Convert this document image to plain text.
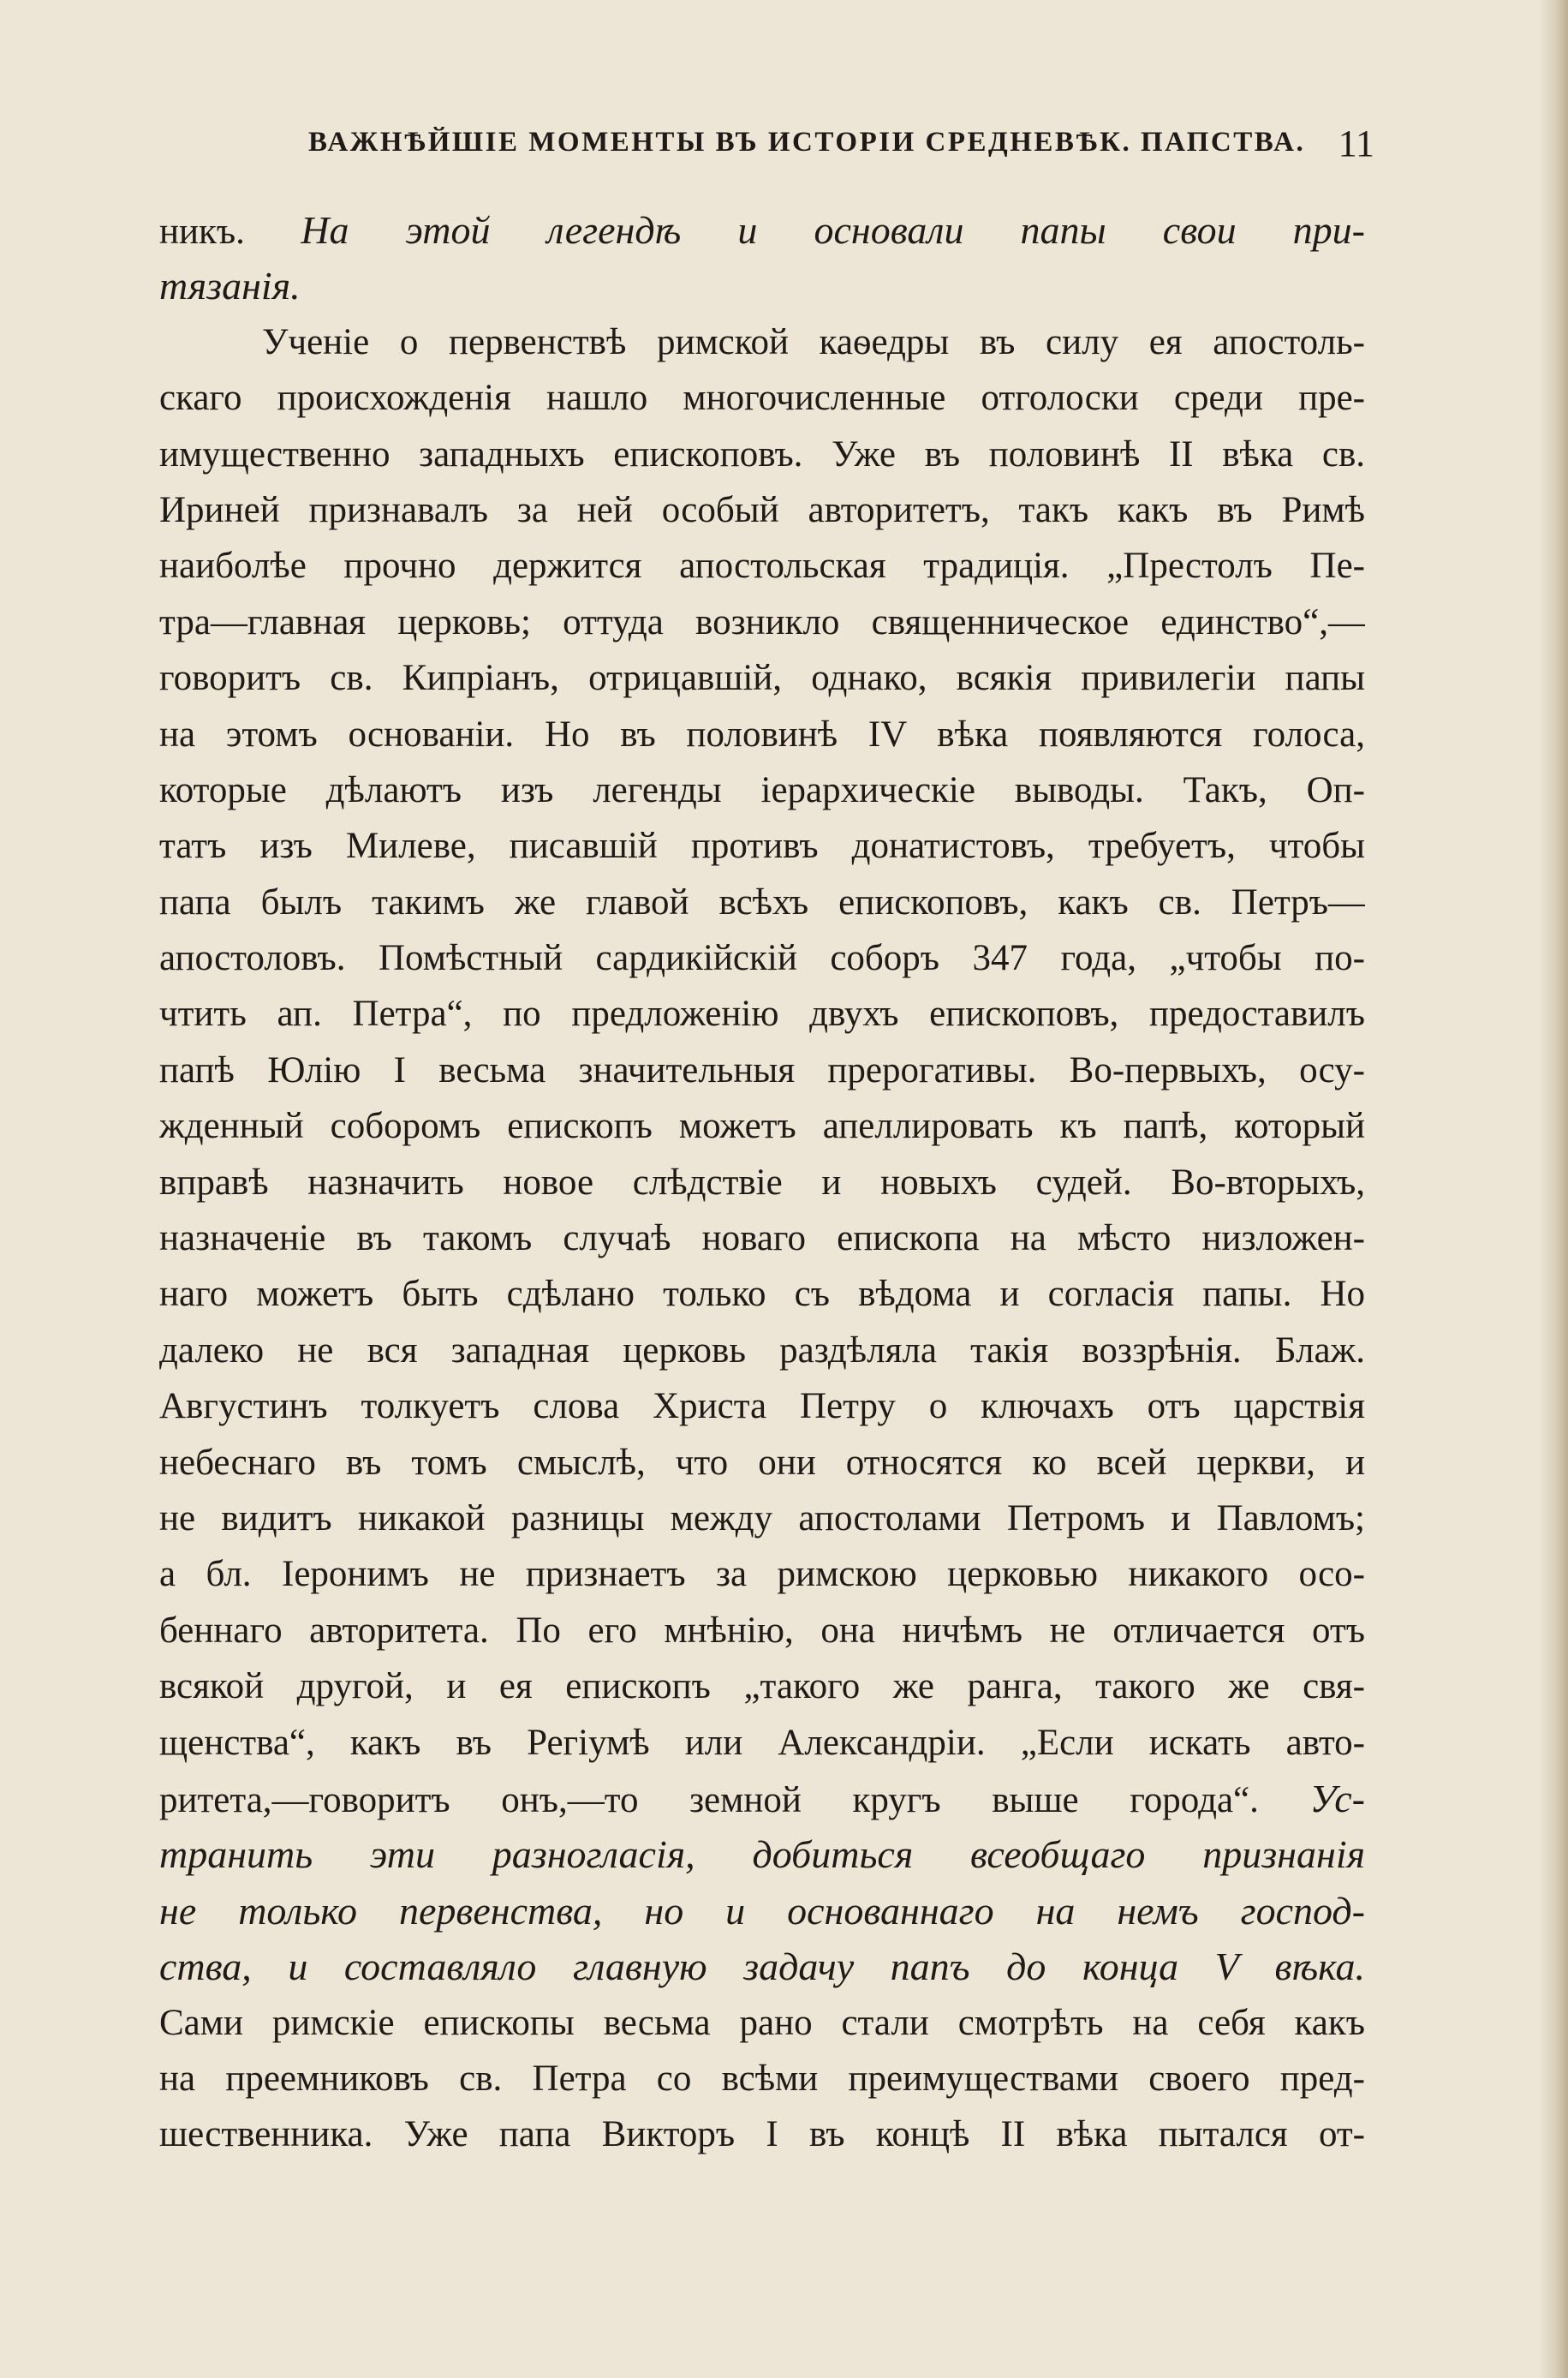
ВАЖНѢЙШІЕ МОМЕНТЫ ВЪ ИСТОРІИ СРЕДНЕВѢК. ПАПСТВА. 11
никъ. На этой легендѣ и основали папы свои при-
тязанія.
Ученіе о первенствѣ римской каѳедры въ силу ея апостоль-
скаго происхожденія нашло многочисленные отголоски среди пре-
имущественно западныхъ епископовъ. Уже въ половинѣ II вѣка св.
Ириней признавалъ за ней особый авторитетъ, такъ какъ въ Римѣ
наиболѣе прочно держится апостольская традиція. „Престолъ Пе-
тра—главная церковь; оттуда возникло священническое единство“,—
говоритъ св. Кипріанъ, отрицавшій, однако, всякія привилегіи папы
на этомъ основаніи. Но въ половинѣ IV вѣка появляются голоса,
которые дѣлаютъ изъ легенды іерархическіе выводы. Такъ, Оп-
татъ изъ Милеве, писавшій противъ донатистовъ, требуетъ, чтобы
папа былъ такимъ же главой всѣхъ епископовъ, какъ св. Петръ—
апостоловъ. Помѣстный сардикійскій соборъ 347 года, „чтобы по-
чтить ап. Петра“, по предложенію двухъ епископовъ, предоставилъ
папѣ Юлію I весьма значительныя прерогативы. Во-первыхъ, осу-
жденный соборомъ епископъ можетъ апеллировать къ папѣ, который
вправѣ назначить новое слѣдствіе и новыхъ судей. Во-вторыхъ,
назначеніе въ такомъ случаѣ новаго епископа на мѣсто низложен-
наго можетъ быть сдѣлано только съ вѣдома и согласія папы. Но
далеко не вся западная церковь раздѣляла такія воззрѣнія. Блаж.
Августинъ толкуетъ слова Христа Петру о ключахъ отъ царствія
небеснаго въ томъ смыслѣ, что они относятся ко всей церкви, и
не видитъ никакой разницы между апостолами Петромъ и Павломъ;
а бл. Іеронимъ не признаетъ за римскою церковью никакого осо-
беннаго авторитета. По его мнѣнію, она ничѣмъ не отличается отъ
всякой другой, и ея епископъ „такого же ранга, такого же свя-
щенства“, какъ въ Регіумѣ или Александріи. „Если искать авто-
ритета,—говоритъ онъ,—то земной кругъ выше города“. Ус-
транить эти разногласія, добиться всеобщаго признанія
не только первенства, но и основаннаго на немъ господ-
ства, и составляло главную задачу папъ до конца V вѣка.
Сами римскіе епископы весьма рано стали смотрѣть на себя какъ
на преемниковъ св. Петра со всѣми преимуществами своего пред-
шественника. Уже папа Викторъ I въ концѣ II вѣка пытался от-
